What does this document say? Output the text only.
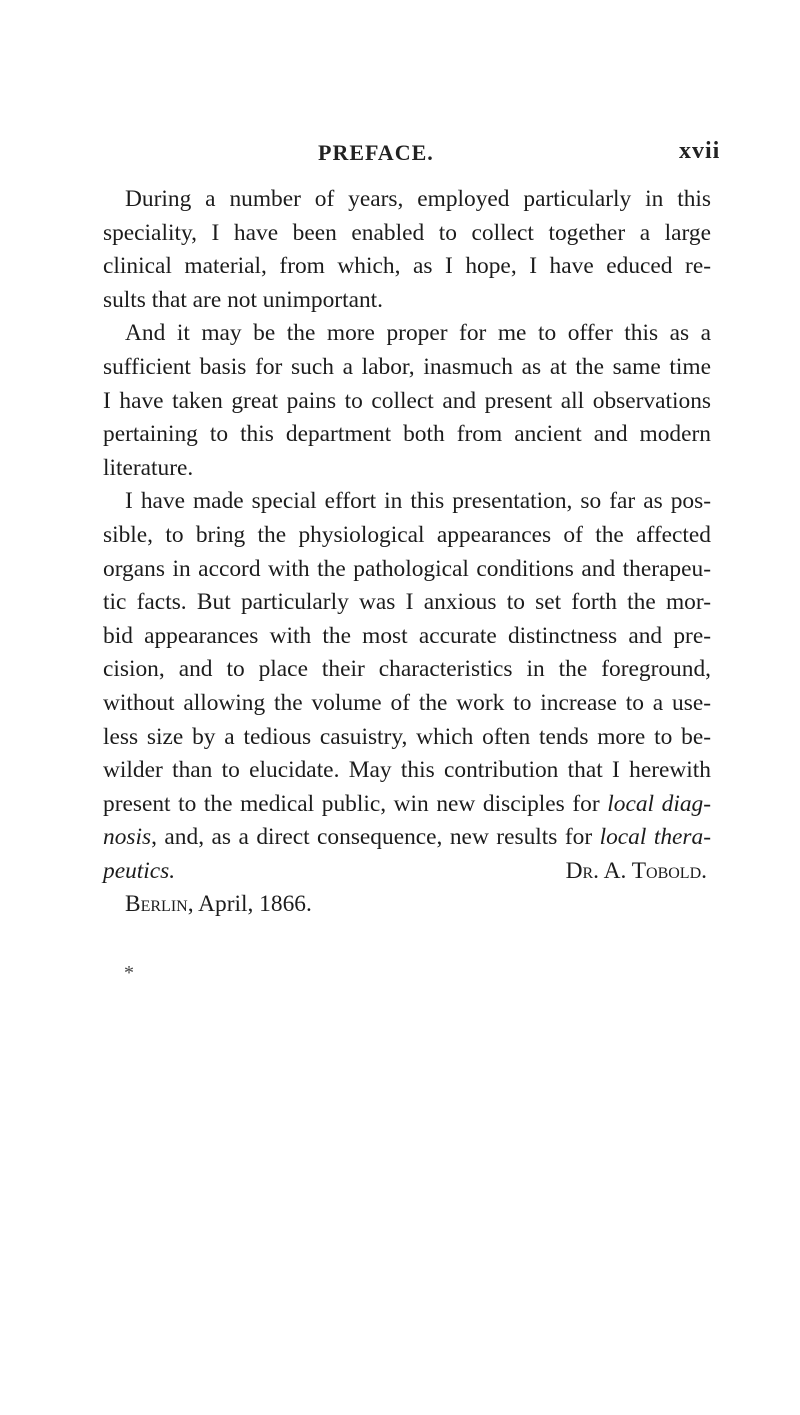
PREFACE.	xvii
During a number of years, employed particularly in this
speciality, I have been enabled to collect together a large
clinical material, from which, as I hope, I have educed re-
sults that are not unimportant.
And it may be the more proper for me to offer this as a
sufficient basis for such a labor, inasmuch as at the same time
I have taken great pains to collect and present all observations
pertaining to this department both from ancient and modern
literature.
I have made special effort in this presentation, so far as pos-
sible, to bring the physiological appearances of the affected
organs in accord with the pathological conditions and therapeu-
tic facts. But particularly was I anxious to set forth the mor-
bid appearances with the most accurate distinctness and pre-
cision, and to place their characteristics in the foreground,
without allowing the volume of the work to increase to a use-
less size by a tedious casuistry, which often tends more to be-
wilder than to elucidate. May this contribution that I herewith
present to the medical public, win new disciples for local diag-
nosis, and, as a direct consequence, new results for local thera-
peutics.	Dr. A. Tobold.
Berlin, April, 1866.
*
